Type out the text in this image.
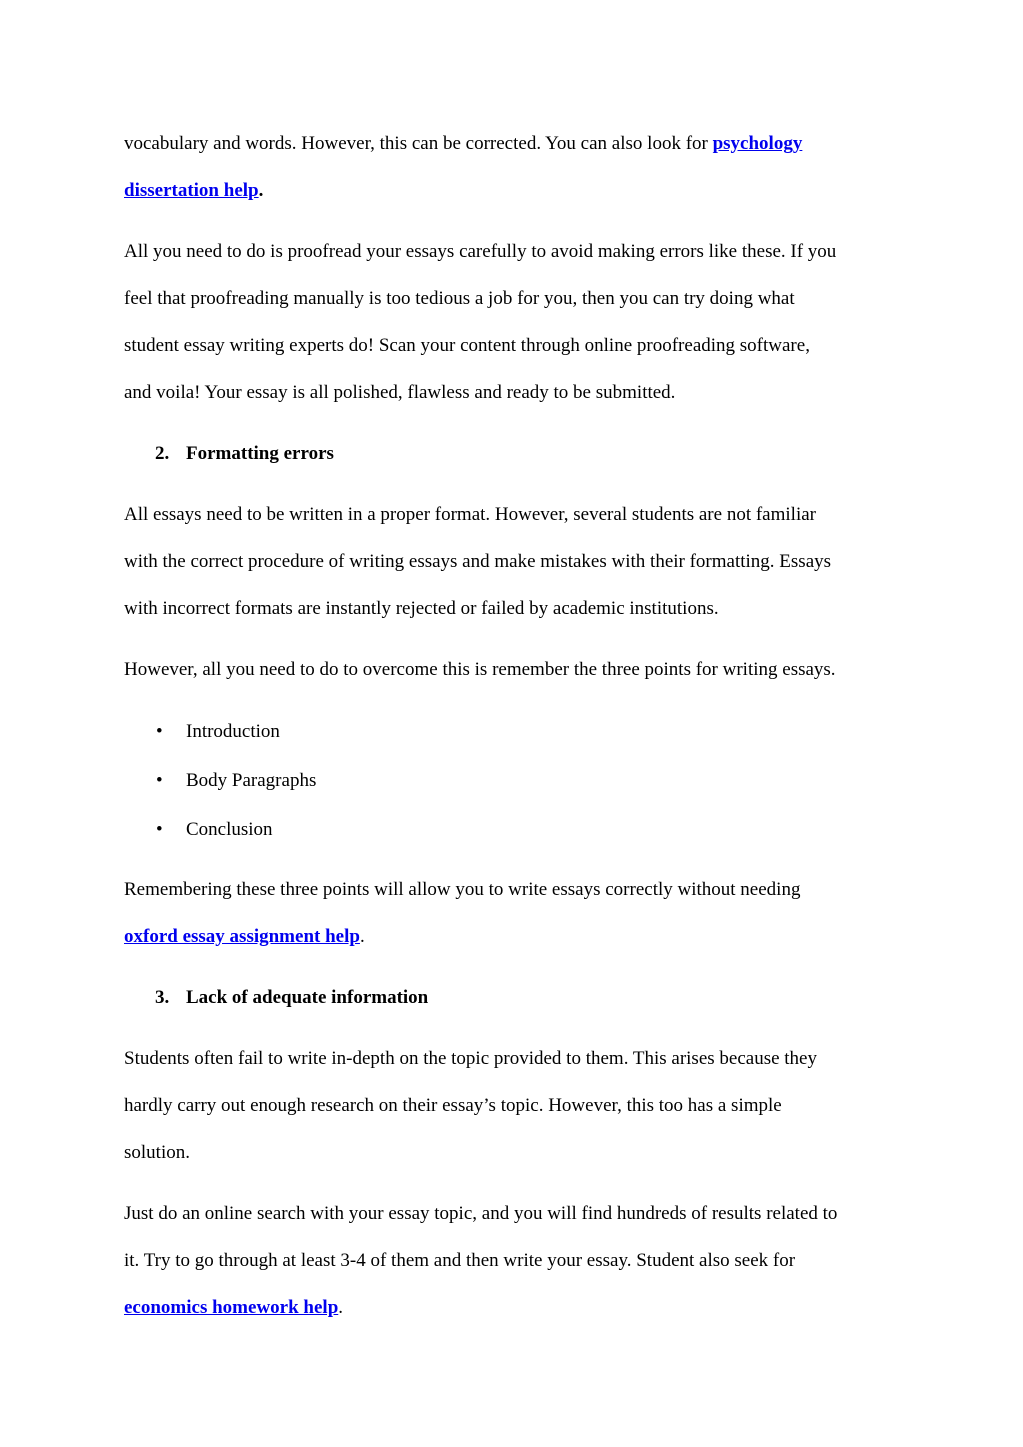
vocabulary and words. However, this can be corrected. You can also look for psychology

dissertation help.

All you need to do is proofread your essays carefully to avoid making errors like these. If you

feel that proofreading manually is too tedious a job for you, then you can try doing what

student essay writing experts do! Scan your content through online proofreading software,

and voila! Your essay is all polished, flawless and ready to be submitted.

2. Formatting errors

All essays need to be written in a proper format. However, several students are not familiar

with the correct procedure of writing essays and make mistakes with their formatting. Essays

with incorrect formats are instantly rejected or failed by academic institutions.

However, all you need to do to overcome this is remember the three points for writing essays.

• Introduction
• Body Paragraphs
• Conclusion

Remembering these three points will allow you to write essays correctly without needing

oxford essay assignment help.

3. Lack of adequate information

Students often fail to write in-depth on the topic provided to them. This arises because they

hardly carry out enough research on their essay’s topic. However, this too has a simple

solution.

Just do an online search with your essay topic, and you will find hundreds of results related to

it. Try to go through at least 3-4 of them and then write your essay. Student also seek for

economics homework help.
